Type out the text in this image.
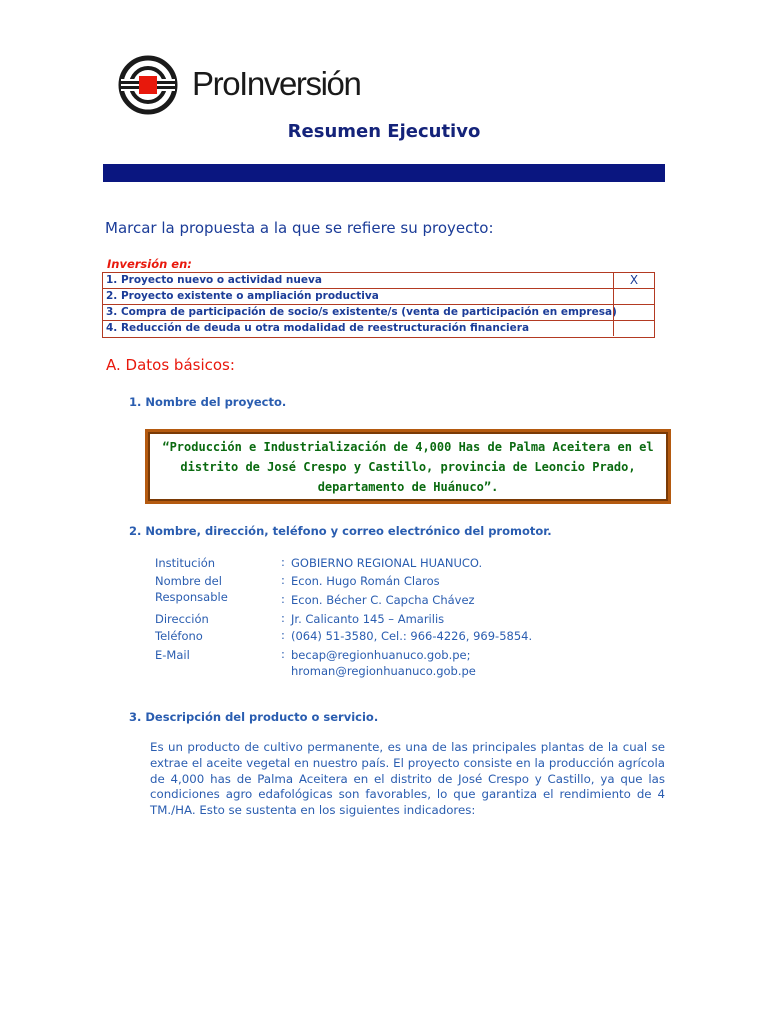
ProInversión
Resumen Ejecutivo
Marcar la propuesta a la que se refiere su proyecto:
Inversión en:
1. Proyecto nuevo o actividad nueva	X
2. Proyecto existente o ampliación productiva
3. Compra de participación de socio/s existente/s (venta de participación en empresa)
4. Reducción de deuda u otra modalidad de reestructuración financiera
A. Datos básicos:
1. Nombre del proyecto.
“Producción e Industrialización de 4,000 Has de Palma Aceitera en el distrito de José Crespo y Castillo, provincia de Leoncio Prado, departamento de Huánuco”.
2. Nombre, dirección, teléfono y correo electrónico del promotor.
Institución	: GOBIERNO REGIONAL HUANUCO.
Nombre del	: Econ. Hugo Román Claros
Responsable	: Econ. Bécher C. Capcha Chávez
Dirección	: Jr. Calicanto 145 – Amarilis
Teléfono	: (064) 51-3580, Cel.: 966-4226, 969-5854.
E-Mail	: becap@regionhuanuco.gob.pe;
hroman@regionhuanuco.gob.pe
3. Descripción del producto o servicio.
Es un producto de cultivo permanente, es una de las principales plantas de la cual se extrae el aceite vegetal en nuestro país. El proyecto consiste en la producción agrícola de 4,000 has de Palma Aceitera en el distrito de José Crespo y Castillo, ya que las condiciones agro edafológicas son favorables, lo que garantiza el rendimiento de 4 TM./HA. Esto se sustenta en los siguientes indicadores:
